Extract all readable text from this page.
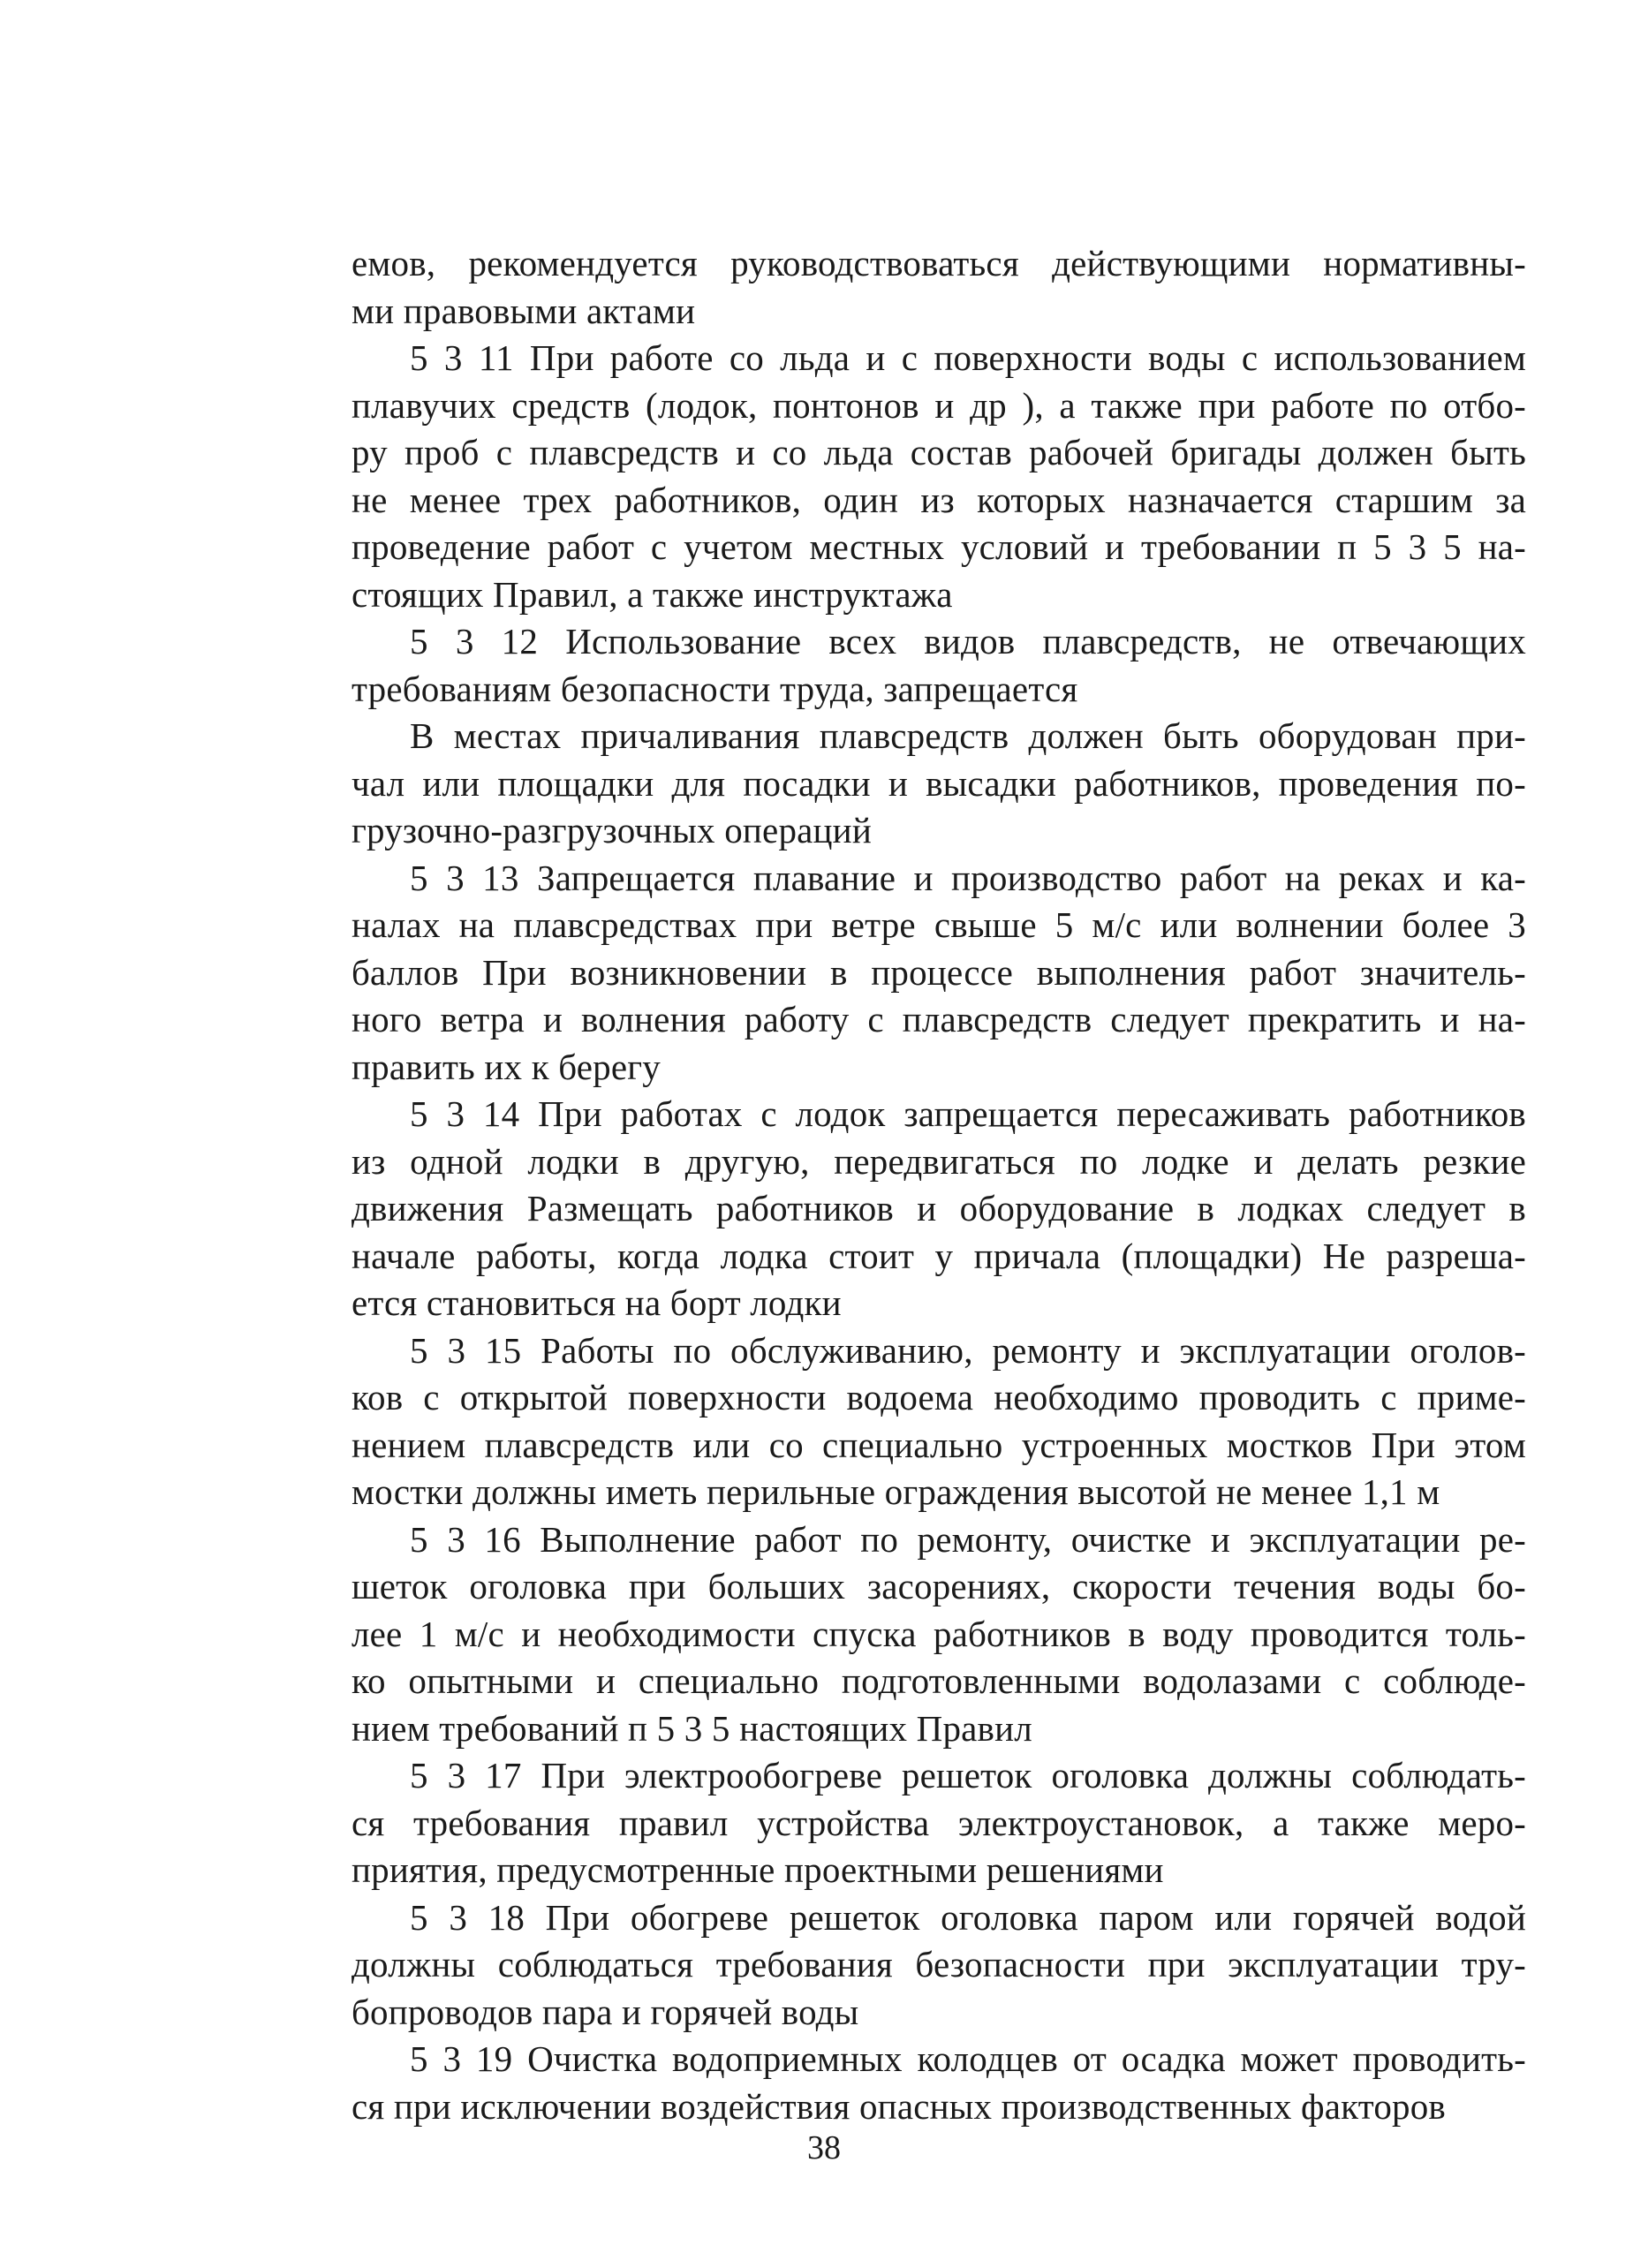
емов, рекомендуется руководствоваться действующими нормативны-
ми правовыми актами
5 3 11 При работе со льда и с поверхности воды с использованием
плавучих средств (лодок, понтонов и др ), а также при работе по отбо-
ру проб с плавсредств и со льда состав рабочей бригады должен быть
не менее трех работников, один из которых назначается старшим за
проведение работ с учетом местных условий и требовании п 5 3 5 на-
стоящих Правил, а также инструктажа
5 3 12 Использование всех видов плавсредств, не отвечающих
требованиям безопасности труда, запрещается
В местах причаливания плавсредств должен быть оборудован при-
чал или площадки для посадки и высадки работников, проведения по-
грузочно-разгрузочных операций
5 3 13 Запрещается плавание и производство работ на реках и ка-
налах на плавсредствах при ветре свыше 5 м/с или волнении более 3
баллов При возникновении в процессе выполнения работ значитель-
ного ветра и волнения работу с плавсредств следует прекратить и на-
править их к берегу
5 3 14 При работах с лодок запрещается пересаживать работников
из одной лодки в другую, передвигаться по лодке и делать резкие
движения Размещать работников и оборудование в лодках следует в
начале работы, когда лодка стоит у причала (площадки) Не разреша-
ется становиться на борт лодки
5 3 15 Работы по обслуживанию, ремонту и эксплуатации оголов-
ков с открытой поверхности водоема необходимо проводить с приме-
нением плавсредств или со специально устроенных мостков При этом
мостки должны иметь перильные ограждения высотой не менее 1,1 м
5 3 16 Выполнение работ по ремонту, очистке и эксплуатации ре-
шеток оголовка при больших засорениях, скорости течения воды бо-
лее 1 м/с и необходимости спуска работников в воду проводится толь-
ко опытными и специально подготовленными водолазами с соблюде-
нием требований п 5 3 5 настоящих Правил
5 3 17 При электрообогреве решеток оголовка должны соблюдать-
ся требования правил устройства электроустановок, а также меро-
приятия, предусмотренные проектными решениями
5 3 18 При обогреве решеток оголовка паром или горячей водой
должны соблюдаться требования безопасности при эксплуатации тру-
бопроводов пара и горячей воды
5 3 19 Очистка водоприемных колодцев от осадка может проводить-
ся при исключении воздействия опасных производственных факторов
38
